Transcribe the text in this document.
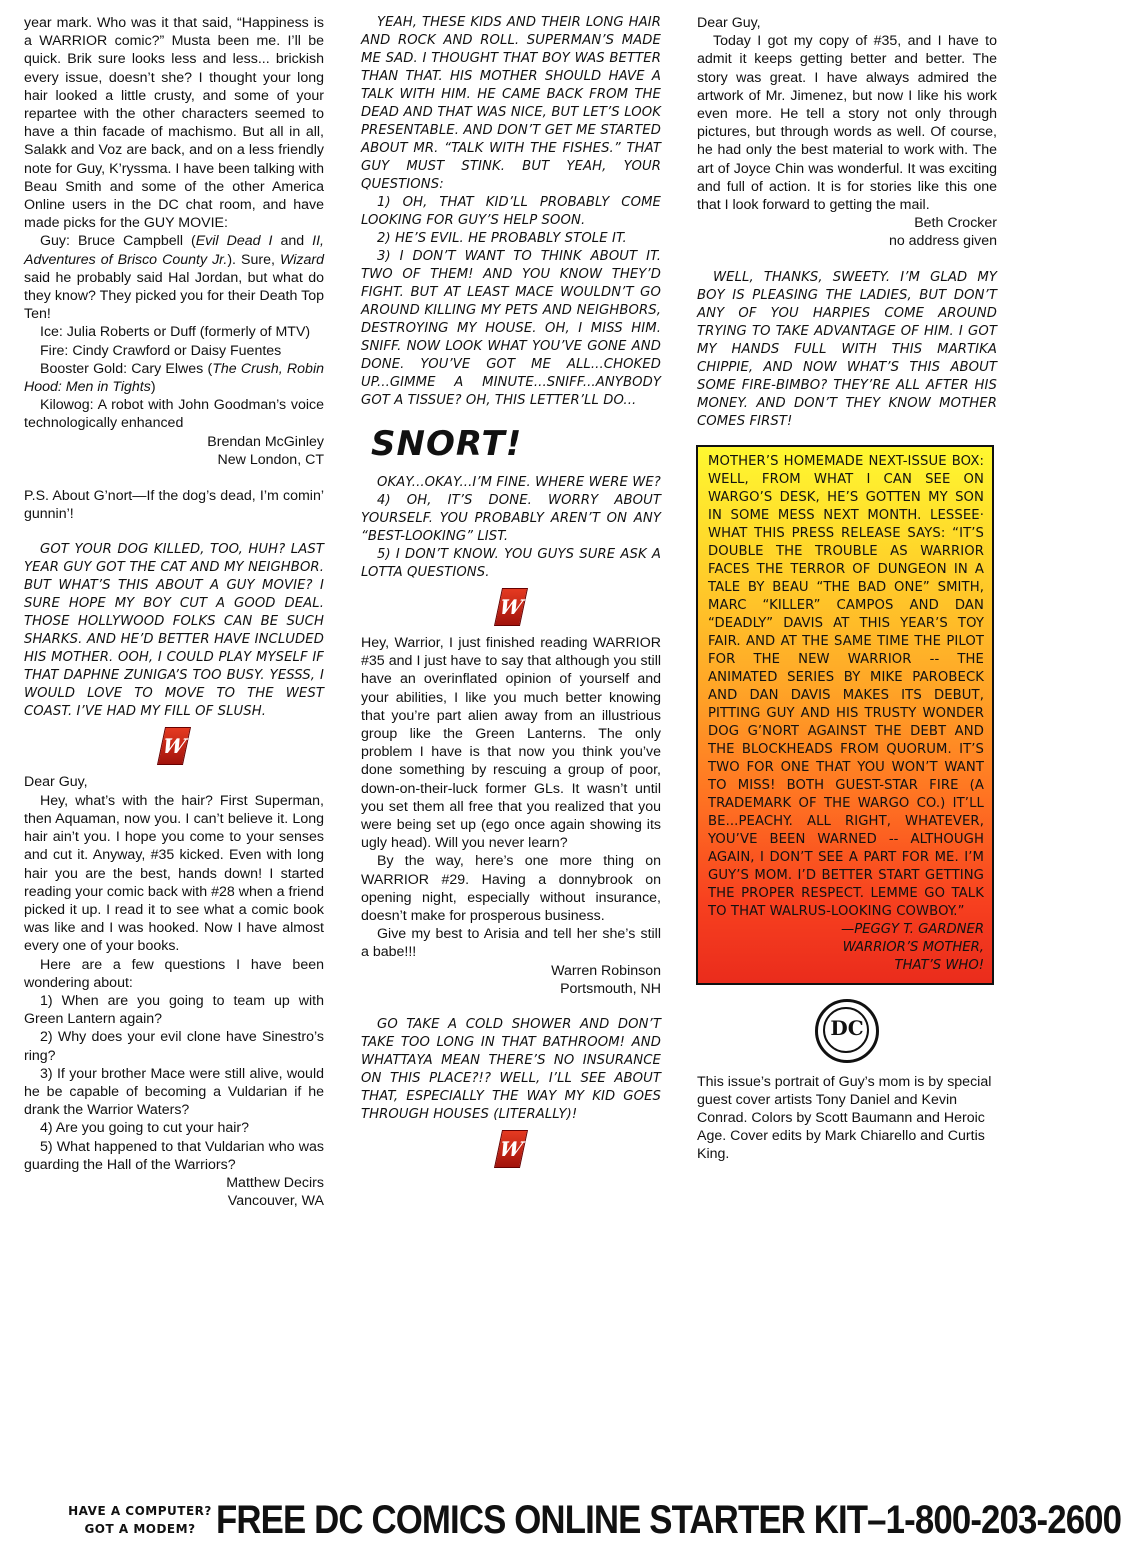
year mark. Who was it that said, “Happiness is a WARRIOR comic?” Musta been me. I’ll be quick. Brik sure looks less and less... brickish every issue, doesn’t she? I thought your long hair looked a little crusty, and some of your repartee with the other characters seemed to have a thin facade of machismo. But all in all, Salakk and Voz are back, and on a less friendly note for Guy, K’ryssma. I have been talking with Beau Smith and some of the other America Online users in the DC chat room, and have made picks for the GUY MOVIE:

Guy: Bruce Campbell (Evil Dead I and II, Adventures of Brisco County Jr.). Sure, Wizard said he probably said Hal Jordan, but what do they know? They picked you for their Death Top Ten!

Ice: Julia Roberts or Duff (formerly of MTV)

Fire: Cindy Crawford or Daisy Fuentes

Booster Gold: Cary Elwes (The Crush, Robin Hood: Men in Tights)

Kilowog: A robot with John Goodman’s voice technologically enhanced

Brendan McGinley

New London, CT

P.S. About G’nort—If the dog’s dead, I’m comin’ gunnin’!

GOT YOUR DOG KILLED, TOO, HUH? LAST YEAR GUY GOT THE CAT AND MY NEIGHBOR. BUT WHAT’S THIS ABOUT A GUY MOVIE? I SURE HOPE MY BOY CUT A GOOD DEAL. THOSE HOLLYWOOD FOLKS CAN BE SUCH SHARKS. AND HE’D BETTER HAVE INCLUDED HIS MOTHER. OOH, I COULD PLAY MYSELF IF THAT DAPHNE ZUNIGA’S TOO BUSY. YESSS, I WOULD LOVE TO MOVE TO THE WEST COAST. I’VE HAD MY FILL OF SLUSH.

W

Dear Guy,

Hey, what’s with the hair? First Superman, then Aquaman, now you. I can’t believe it. Long hair ain’t you. I hope you come to your senses and cut it. Anyway, #35 kicked. Even with long hair you are the best, hands down! I started reading your comic back with #28 when a friend picked it up. I read it to see what a comic book was like and I was hooked. Now I have almost every one of your books.

Here are a few questions I have been wondering about:

1) When are you going to team up with Green Lantern again?

2) Why does your evil clone have Sinestro’s ring?

3) If your brother Mace were still alive, would he be capable of becoming a Vuldarian if he drank the Warrior Waters?

4) Are you going to cut your hair?

5) What happened to that Vuldarian who was guarding the Hall of the Warriors?

Matthew Decirs

Vancouver, WA

YEAH, THESE KIDS AND THEIR LONG HAIR AND ROCK AND ROLL. SUPERMAN’S MADE ME SAD. I THOUGHT THAT BOY WAS BETTER THAN THAT. HIS MOTHER SHOULD HAVE A TALK WITH HIM. HE CAME BACK FROM THE DEAD AND THAT WAS NICE, BUT LET’S LOOK PRESENTABLE. AND DON’T GET ME STARTED ABOUT MR. “TALK WITH THE FISHES.” THAT GUY MUST STINK. BUT YEAH, YOUR QUESTIONS:

1) OH, THAT KID’LL PROBABLY COME LOOKING FOR GUY’S HELP SOON.

2) HE’S EVIL. HE PROBABLY STOLE IT.

3) I DON’T WANT TO THINK ABOUT IT. TWO OF THEM! AND YOU KNOW THEY’D FIGHT. BUT AT LEAST MACE WOULDN’T GO AROUND KILLING MY PETS AND NEIGHBORS, DESTROYING MY HOUSE. OH, I MISS HIM. SNIFF. NOW LOOK WHAT YOU’VE GONE AND DONE. YOU’VE GOT ME ALL...CHOKED UP...GIMME A MINUTE...SNIFF...ANYBODY GOT A TISSUE? OH, THIS LETTER’LL DO...

SNORT!

OKAY...OKAY...I’M FINE. WHERE WERE WE?

4) OH, IT’S DONE. WORRY ABOUT YOURSELF. YOU PROBABLY AREN’T ON ANY “BEST-LOOKING” LIST.

5) I DON’T KNOW. YOU GUYS SURE ASK A LOTTA QUESTIONS.

W

Hey, Warrior, I just finished reading WARRIOR #35 and I just have to say that although you still have an overinflated opinion of yourself and your abilities, I like you much better knowing that you’re part alien away from an illustrious group like the Green Lanterns. The only problem I have is that now you think you’ve done something by rescuing a group of poor, down-on-their-luck former GLs. It wasn’t until you set them all free that you realized that you were being set up (ego once again showing its ugly head). Will you never learn?

By the way, here’s one more thing on WARRIOR #29. Having a donnybrook on opening night, especially without insurance, doesn’t make for prosperous business.

Give my best to Arisia and tell her she’s still a babe!!!

Warren Robinson

Portsmouth, NH

GO TAKE A COLD SHOWER AND DON’T TAKE TOO LONG IN THAT BATHROOM! AND WHATTAYA MEAN THERE’S NO INSURANCE ON THIS PLACE?!? WELL, I’LL SEE ABOUT THAT, ESPECIALLY THE WAY MY KID GOES THROUGH HOUSES (LITERALLY)!

W

Dear Guy,

Today I got my copy of #35, and I have to admit it keeps getting better and better. The story was great. I have always admired the artwork of Mr. Jimenez, but now I like his work even more. He tell a story not only through pictures, but through words as well. Of course, he had only the best material to work with. The art of Joyce Chin was wonderful. It was exciting and full of action. It is for stories like this one that I look forward to getting the mail.

Beth Crocker

no address given

WELL, THANKS, SWEETY. I’M GLAD MY BOY IS PLEASING THE LADIES, BUT DON’T ANY OF YOU HARPIES COME AROUND TRYING TO TAKE ADVANTAGE OF HIM. I GOT MY HANDS FULL WITH THIS MARTIKA CHIPPIE, AND NOW WHAT’S THIS ABOUT SOME FIRE-BIMBO? THEY’RE ALL AFTER HIS MONEY. AND DON’T THEY KNOW MOTHER COMES FIRST!

MOTHER’S HOMEMADE NEXT-ISSUE BOX: WELL, FROM WHAT I CAN SEE ON WARGO’S DESK, HE’S GOTTEN MY SON IN SOME MESS NEXT MONTH. LESSEE· WHAT THIS PRESS RELEASE SAYS: “IT’S DOUBLE THE TROUBLE AS WARRIOR FACES THE TERROR OF DUNGEON IN A TALE BY BEAU “THE BAD ONE” SMITH, MARC “KILLER” CAMPOS AND DAN “DEADLY” DAVIS AT THIS YEAR’S TOY FAIR. AND AT THE SAME TIME THE PILOT FOR THE NEW WARRIOR -- THE ANIMATED SERIES BY MIKE PAROBECK AND DAN DAVIS MAKES ITS DEBUT, PITTING GUY AND HIS TRUSTY WONDER DOG G’NORT AGAINST THE DEBT AND THE BLOCKHEADS FROM QUORUM. IT’S TWO FOR ONE THAT YOU WON’T WANT TO MISS! BOTH GUEST-STAR FIRE (A TRADEMARK OF THE WARGO CO.) IT’LL BE...PEACHY. ALL RIGHT, WHATEVER, YOU’VE BEEN WARNED -- ALTHOUGH AGAIN, I DON’T SEE A PART FOR ME. I’M GUY’S MOM. I’D BETTER START GETTING THE PROPER RESPECT. LEMME GO TALK TO THAT WALRUS-LOOKING COWBOY.”

—PEGGY T. GARDNER

WARRIOR’S MOTHER,

THAT’S WHO!

DC

This issue’s portrait of Guy’s mom is by special guest cover artists Tony Daniel and Kevin Conrad. Colors by Scott Baumann and Heroic Age. Cover edits by Mark Chiarello and Curtis King.

HAVE A COMPUTER?
GOT A MODEM? FREE DC COMICS ONLINE STARTER KIT–1-800-203-2600
